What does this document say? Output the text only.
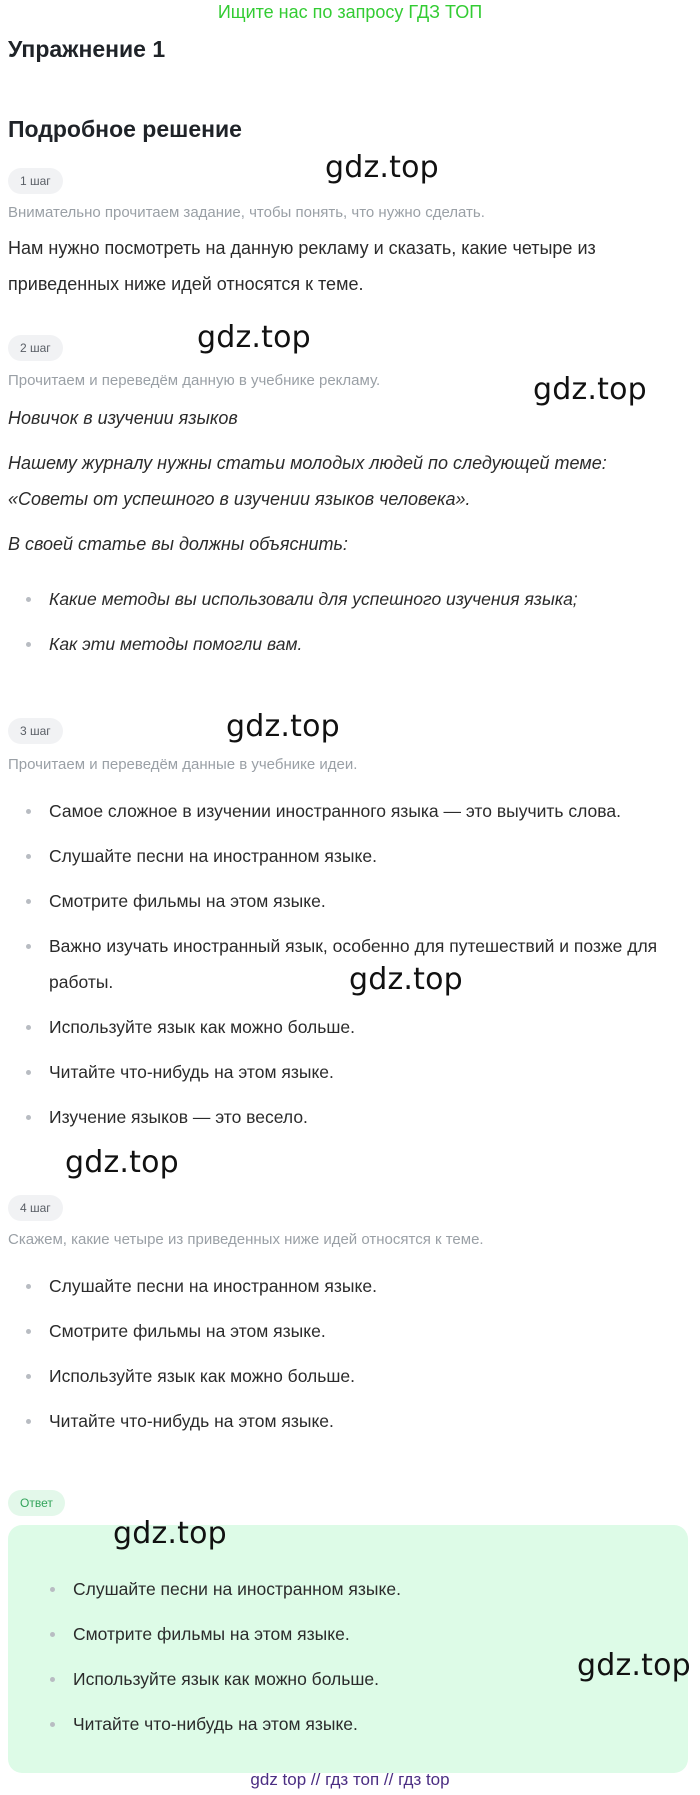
Ищите нас по запросу ГДЗ ТОП
Упражнение 1
Подробное решение
1 шаг
Внимательно прочитаем задание, чтобы понять, что нужно сделать.
Нам нужно посмотреть на данную рекламу и сказать, какие четыре из приведенных ниже идей относятся к теме.
2 шаг
Прочитаем и переведём данную в учебнике рекламу.
Новичок в изучении языков
Нашему журналу нужны статьи молодых людей по следующей теме: «Советы от успешного в изучении языков человека».
В своей статье вы должны объяснить:
Какие методы вы использовали для успешного изучения языка;
Как эти методы помогли вам.
3 шаг
Прочитаем и переведём данные в учебнике идеи.
Самое сложное в изучении иностранного языка — это выучить слова.
Слушайте песни на иностранном языке.
Смотрите фильмы на этом языке.
Важно изучать иностранный язык, особенно для путешествий и позже для работы.
Используйте язык как можно больше.
Читайте что-нибудь на этом языке.
Изучение языков — это весело.
4 шаг
Скажем, какие четыре из приведенных ниже идей относятся к теме.
Слушайте песни на иностранном языке.
Смотрите фильмы на этом языке.
Используйте язык как можно больше.
Читайте что-нибудь на этом языке.
Ответ
Слушайте песни на иностранном языке.
Смотрите фильмы на этом языке.
Используйте язык как можно больше.
Читайте что-нибудь на этом языке.
gdz.top
gdz.top
gdz.top
gdz.top
gdz.top
gdz.top
gdz.top
gdz.top
gdz top // гдз топ // гдз top
